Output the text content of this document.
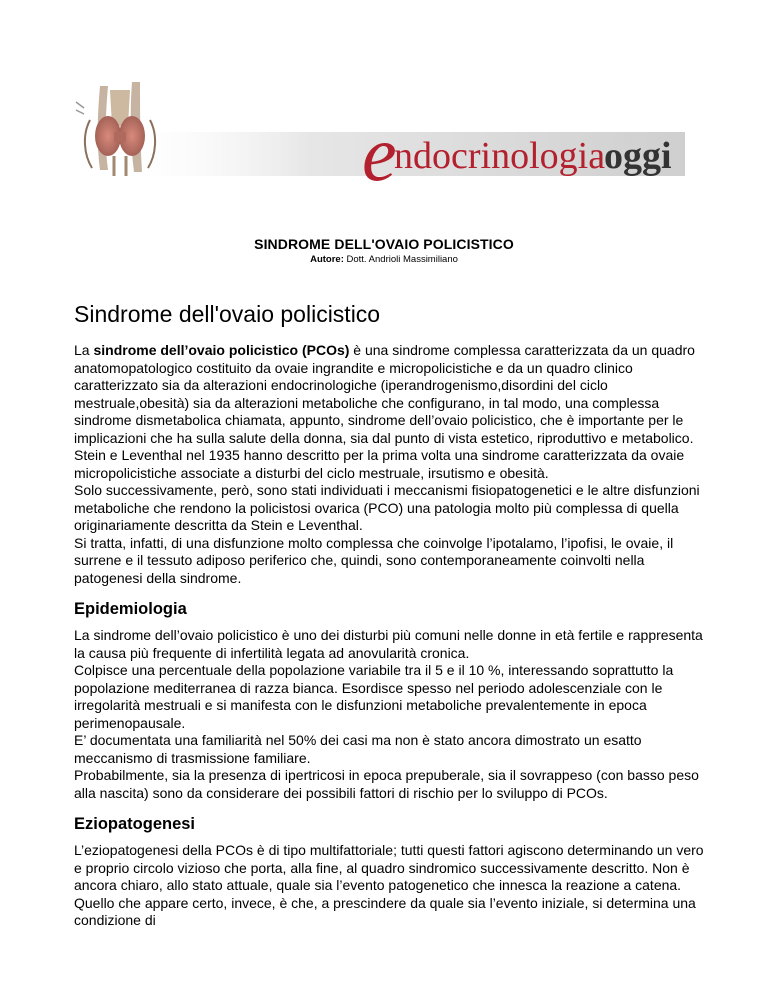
e
ndocrinologia
oggi

SINDROME DELL'OVAIO POLICISTICO

Autore: Dott. Andrioli Massimiliano
Sindrome dell'ovaio policistico

La sindrome dell’ovaio policistico (PCOs) è una sindrome complessa caratterizzata da un quadro anatomopatologico costituito da ovaie ingrandite e micropolicistiche e da un quadro clinico caratterizzato sia da alterazioni endocrinologiche (iperandrogenismo,disordini del ciclo mestruale,obesità) sia da alterazioni metaboliche che configurano, in tal modo, una complessa sindrome dismetabolica chiamata, appunto, sindrome dell’ovaio policistico, che è importante per le implicazioni che ha sulla salute della donna, sia dal punto di vista estetico, riproduttivo e metabolico.

Stein e Leventhal nel 1935 hanno descritto per la prima volta una sindrome caratterizzata da ovaie micropolicistiche associate a disturbi del ciclo mestruale, irsutismo e obesità.

Solo successivamente, però, sono stati individuati i meccanismi fisiopatogenetici e le altre disfunzioni metaboliche che rendono la policistosi ovarica (PCO) una patologia molto più complessa di quella originariamente descritta da Stein e Leventhal.

Si tratta, infatti, di una disfunzione molto complessa che coinvolge l’ipotalamo, l’ipofisi, le ovaie, il surrene e il tessuto adiposo periferico che, quindi, sono contemporaneamente coinvolti nella patogenesi della sindrome.

Epidemiologia

La sindrome dell’ovaio policistico è uno dei disturbi più comuni nelle donne in età fertile e rappresenta la causa più frequente di infertilità legata ad anovularità cronica.

Colpisce una percentuale della popolazione variabile tra il 5 e il 10 %, interessando soprattutto la popolazione mediterranea di razza bianca. Esordisce spesso nel periodo adolescenziale con le irregolarità mestruali e si manifesta con le disfunzioni metaboliche prevalentemente in epoca perimenopausale.

E’ documentata una familiarità nel 50% dei casi ma non è stato ancora dimostrato un esatto meccanismo di trasmissione familiare.

Probabilmente, sia la presenza di ipertricosi in epoca prepuberale, sia il sovrappeso (con basso peso alla nascita) sono da considerare dei possibili fattori di rischio per lo sviluppo di PCOs.

Eziopatogenesi

L’eziopatogenesi della PCOs è di tipo multifattoriale; tutti questi fattori agiscono determinando un vero e proprio circolo vizioso che porta, alla fine, al quadro sindromico successivamente descritto. Non è ancora chiaro, allo stato attuale, quale sia l’evento patogenetico che innesca la reazione a catena. Quello che appare certo, invece, è che, a prescindere da quale sia l’evento iniziale, si determina una condizione di
